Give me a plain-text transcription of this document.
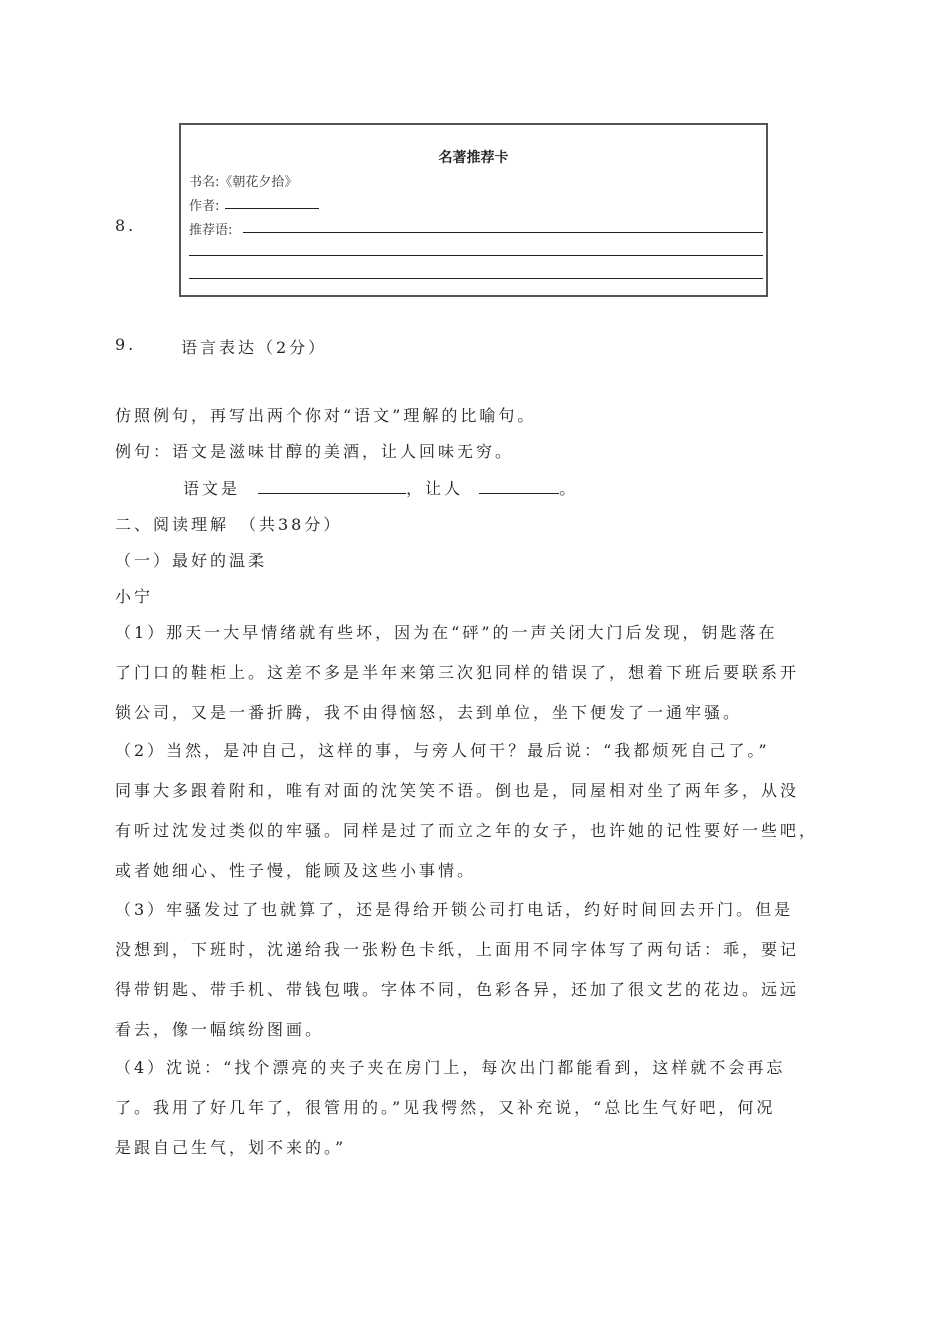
8.
名著推荐卡
书名:《朝花夕拾》
作者:
推荐语:
9.	语言表达（2分）
仿照例句，再写出两个你对“语文”理解的比喻句。
例句：语文是滋味甘醇的美酒，让人回味无穷。
语文是	，让人	。
二、阅读理解　（共38分）
（一）最好的温柔
小宁
（1）那天一大早情绪就有些坏，因为在“砰”的一声关闭大门后发现，钥匙落在
了门口的鞋柜上。这差不多是半年来第三次犯同样的错误了，想着下班后要联系开
锁公司，又是一番折腾，我不由得恼怒，去到单位，坐下便发了一通牢骚。
（2）当然，是冲自己，这样的事，与旁人何干？最后说：“我都烦死自己了。”
同事大多跟着附和，唯有对面的沈笑笑不语。倒也是，同屋相对坐了两年多，从没
有听过沈发过类似的牢骚。同样是过了而立之年的女子，也许她的记性要好一些吧，
或者她细心、性子慢，能顾及这些小事情。
（3）牢骚发过了也就算了，还是得给开锁公司打电话，约好时间回去开门。但是
没想到，下班时，沈递给我一张粉色卡纸，上面用不同字体写了两句话：乖，要记
得带钥匙、带手机、带钱包哦。字体不同，色彩各异，还加了很文艺的花边。远远
看去，像一幅缤纷图画。
（4）沈说：“找个漂亮的夹子夹在房门上，每次出门都能看到，这样就不会再忘
了。我用了好几年了，很管用的。”见我愕然，又补充说，“总比生气好吧，何况
是跟自己生气，划不来的。”
